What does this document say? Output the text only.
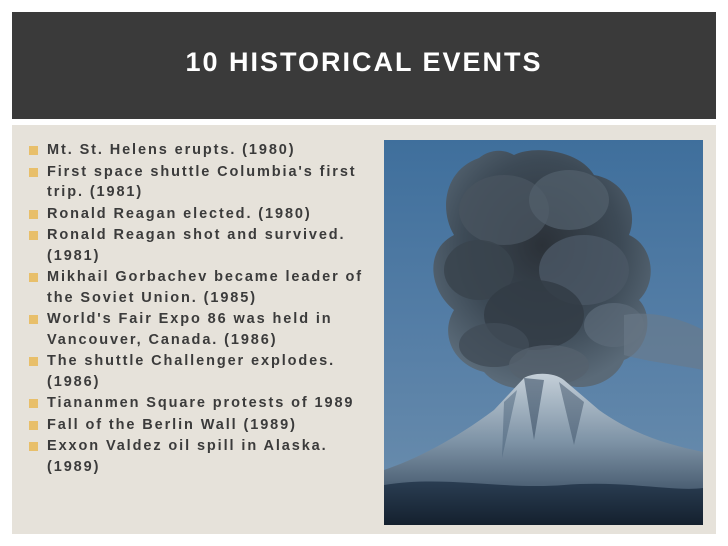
10 HISTORICAL EVENTS
Mt. St. Helens erupts. (1980)
First space shuttle Columbia's first trip. (1981)
Ronald Reagan elected. (1980)
Ronald Reagan shot and survived. (1981)
Mikhail Gorbachev became leader of the Soviet Union. (1985)
World's Fair Expo 86 was held in Vancouver, Canada. (1986)
The shuttle Challenger explodes. (1986)
Tiananmen Square protests of 1989
Fall of the Berlin Wall (1989)
Exxon Valdez oil spill in Alaska. (1989)
